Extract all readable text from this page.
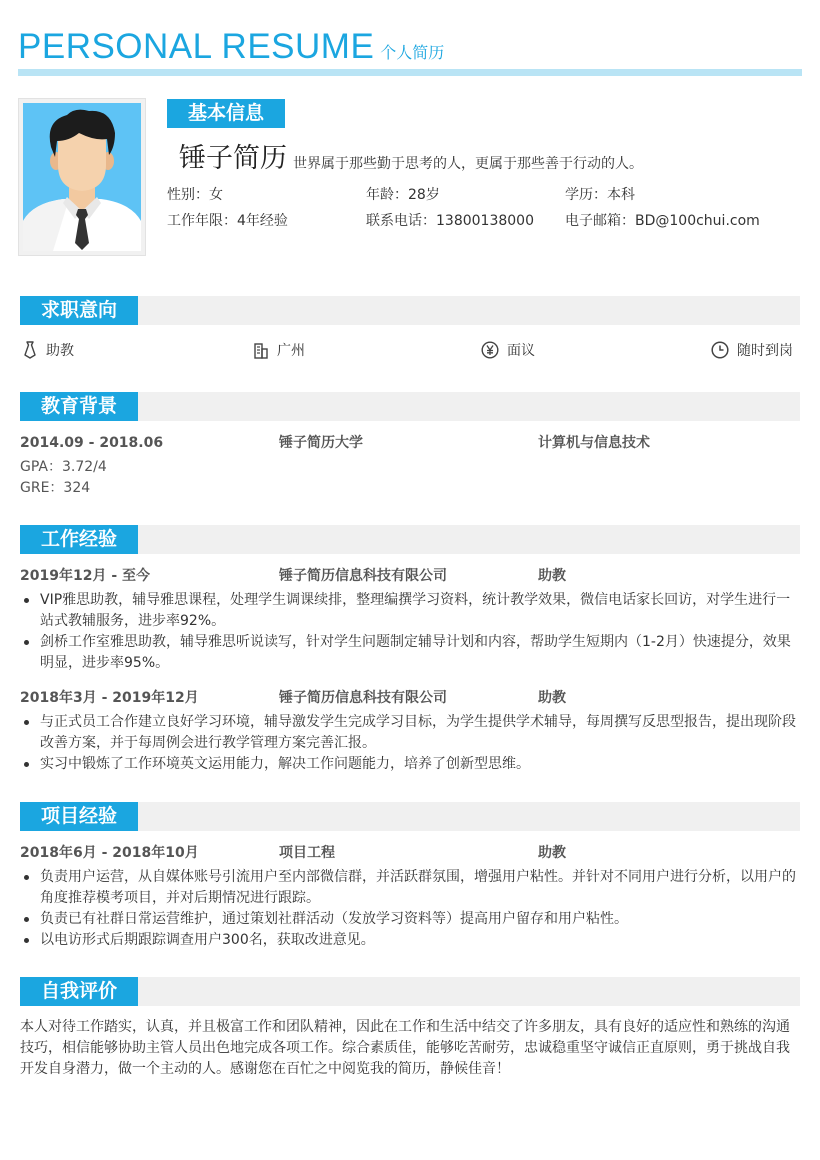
PERSONAL RESUME 个人简历
基本信息
锤子简历 世界属于那些勤于思考的人，更属于那些善于行动的人。
性别：女	年龄：28岁	学历：本科
工作年限：4年经验	联系电话：13800138000	电子邮箱：BD@100chui.com
求职意向
助教	广州	面议	随时到岗
教育背景
2014.09 - 2018.06	锤子简历大学	计算机与信息技术
GPA：3.72/4
GRE：324
工作经验
2019年12月 - 至今	锤子简历信息科技有限公司	助教
VIP雅思助教，辅导雅思课程，处理学生调课续排，整理编撰学习资料，统计教学效果，微信电话家长回访，对学生进行一站式教辅服务，进步率92%。
剑桥工作室雅思助教，辅导雅思听说读写，针对学生问题制定辅导计划和内容，帮助学生短期内（1-2月）快速提分，效果明显，进步率95%。
2018年3月 - 2019年12月	锤子简历信息科技有限公司	助教
与正式员工合作建立良好学习环境，辅导激发学生完成学习目标，为学生提供学术辅导，每周撰写反思型报告，提出现阶段改善方案，并于每周例会进行教学管理方案完善汇报。
实习中锻炼了工作环境英文运用能力，解决工作问题能力，培养了创新型思维。
项目经验
2018年6月 - 2018年10月	项目工程	助教
负责用户运营，从自媒体账号引流用户至内部微信群，并活跃群氛围，增强用户粘性。并针对不同用户进行分析，以用户的角度推荐模考项目，并对后期情况进行跟踪。
负责已有社群日常运营维护，通过策划社群活动（发放学习资料等）提高用户留存和用户粘性。
以电访形式后期跟踪调查用户300名，获取改进意见。
自我评价
本人对待工作踏实，认真，并且极富工作和团队精神，因此在工作和生活中结交了许多朋友，具有良好的适应性和熟练的沟通技巧，相信能够协助主管人员出色地完成各项工作。综合素质佳，能够吃苦耐劳，忠诚稳重坚守诚信正直原则，勇于挑战自我开发自身潜力，做一个主动的人。感谢您在百忙之中阅览我的简历，静候佳音！
